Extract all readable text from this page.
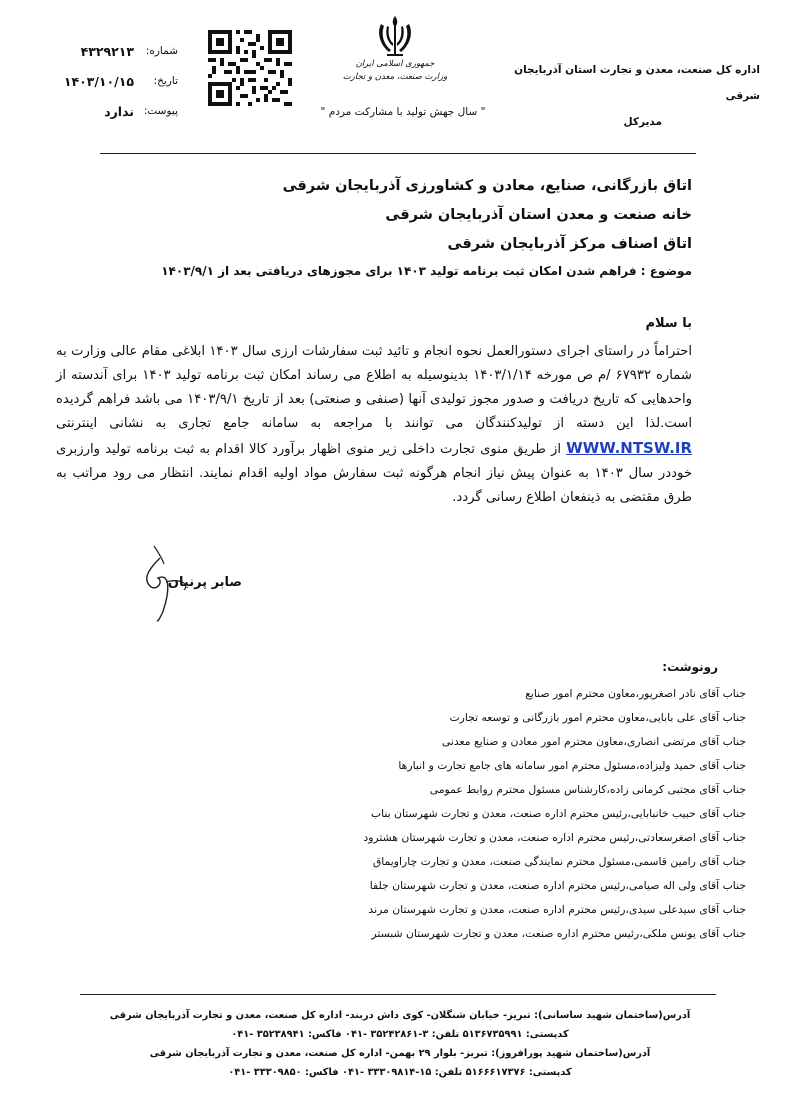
اداره کل صنعت، معدن و تجارت استان آذربایجان شرقی
مدیرکل
جمهوری اسلامی ایران
وزارت صنعت، معدن و تجارت
" سال جهش تولید با مشارکت مردم "
شماره:
۴۳۲۹۲۱۳
تاریخ:
۱۴۰۳/۱۰/۱۵
پیوست:
ندارد
اتاق بازرگانی، صنایع، معادن و کشاورزی آذربایجان شرقی
خانه صنعت و معدن استان آذربایجان شرقی
اتاق اصناف مرکز آذربایجان شرقی
موضوع : فراهم شدن امکان ثبت برنامه تولید ۱۴۰۳ برای مجوزهای دریافتی بعد از ۱۴۰۳/۹/۱
با سلام

احتراماً در راستای اجرای دستورالعمل نحوه انجام و تائید ثبت سفارشات ارزی سال ۱۴۰۳ ابلاغی مقام عالی وزارت به شماره ۶۷۹۳۲ /م ص مورخه ۱۴۰۳/۱/۱۴ بدینوسیله به اطلاع می رساند امکان ثبت برنامه تولید ۱۴۰۳ برای آندسته از واحدهایی که تاریخ دریافت و صدور مجوز تولیدی آنها (صنفی و صنعتی) بعد از تاریخ ۱۴۰۳/۹/۱ می باشد فراهم گردیده است.لذا این دسته از تولیدکنندگان می توانند با مراجعه به سامانه جامع تجاری به نشانی اینترنتی WWW.NTSW.IR از طریق منوی تجارت داخلی زیر منوی اظهار برآورد کالا اقدام به ثبت برنامه تولید وارزبری خوددر سال ۱۴۰۳ به عنوان پیش نیاز انجام هرگونه ثبت سفارش مواد اولیه اقدام نمایند. انتظار می رود مراتب به طرق مقتضی به ذینفعان اطلاع رسانی گردد.

صابر پرنیان
رونوشت:
جناب آقای نادر اصغرپور،معاون محترم امور صنایع
جناب آقای علی بابایی،معاون محترم امور بازرگانی و توسعه تجارت
جناب آقای مرتضی انصاری،معاون محترم امور معادن و صنایع معدنی
جناب آقای حمید ولیزاده،مسئول محترم امور سامانه های جامع تجارت و انبارها
جناب آقای مجتبی کرمانی زاده،کارشناس مسئول محترم روابط عمومی
جناب آقای حبیب خانبابایی،رئیس محترم اداره صنعت، معدن و تجارت شهرستان بناب
جناب آقای اصغرسعادتی،رئیس محترم اداره صنعت، معدن و تجارت شهرستان هشترود
جناب آقای رامین قاسمی،مسئول محترم نمایندگی صنعت، معدن و تجارت چاراویماق
جناب آقای ولی اله صیامی،رئیس محترم اداره صنعت، معدن و تجارت شهرستان جلفا
جناب آقای سیدعلی سیدی،رئیس محترم اداره صنعت، معدن و تجارت شهرستان مرند
جناب آقای یونس ملکی،رئیس محترم اداره صنعت، معدن و تجارت شهرستان شبستر
آدرس(ساختمان شهید ساسانی): تبریز- خیابان شنگلان- کوی داش دربند- اداره کل صنعت، معدن و تجارت آذربایجان شرقی
کدپستی: ۵۱۳۶۷۳۵۹۹۱ تلفن: ۳-۳۵۲۴۲۸۶۱ -۰۴۱ فاکس: ۳۵۲۳۸۹۴۱ -۰۴۱
آدرس(ساختمان شهید پورافروز): تبریز- بلوار ۲۹ بهمن- اداره کل صنعت، معدن و تجارت آذربایجان شرقی
کدپستی: ۵۱۶۶۶۱۷۳۷۶ تلفن: ۱۵-۳۳۳۰۹۸۱۴ -۰۴۱ فاکس: ۳۳۳۰۹۸۵۰ -۰۴۱
